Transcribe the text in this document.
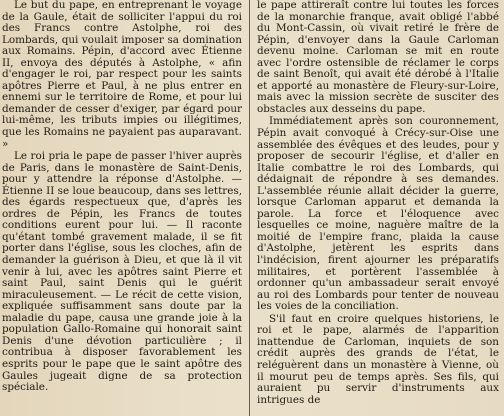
Le but du pape, en entreprenant le voyage de la Gaule, était de solliciter l'appui du roi des Francs contre Astolphe, roi des Lombards, qui voulait imposer sa domination aux Romains. Pépin, d'accord avec Étienne II, envoya des députés à Astolphe, « afin d'engager le roi, par respect pour les saints apôtres Pierre et Paul, à ne plus entrer en ennemi sur le territoire de Rome, et pour lui demander de cesser d'exiger, par égard pour lui-même, les tributs impies ou illégitimes, que les Romains ne payaient pas auparavant. »

Le roi pria le pape de passer l'hiver auprès de Paris, dans le monastère de Saint-Denis, pour y attendre la réponse d'Astolphe. — Étienne II se loue beaucoup, dans ses lettres, des égards respectueux que, d'après les ordres de Pépin, les Francs de toutes conditions eurent pour lui. — Il raconte qu'étant tombé gravement malade, il se fit porter dans l'église, sous les cloches, afin de demander la guérison à Dieu, et que là il vit venir à lui, avec les apôtres saint Pierre et saint Paul, saint Denis qui le guérit miraculeusement. — Le récit de cette vision, expliquée suffisamment sans doute par la maladie du pape, causa une grande joie à la population Gallo-Romaine qui honorait saint Denis d'une dévotion particulière ; il contribua à disposer favorablement les esprits pour le pape que le saint apôtre des Gaules jugeait digne de sa protection spéciale.

le pape attireraît contre lui toutes les forces de la monarchie franque, avait obligé l'abbé du Mont-Cassin, où vivait retiré le frère de Pépin, d'envoyer dans la Gaule Carloman devenu moine. Carloman se mit en route avec l'ordre ostensible de réclamer le corps de saint Benoît, qui avait été dérobé à l'Italie et apporté au monastère de Fleury-sur-Loire, mais avec la mission secrète de susciter des obstacles aux desseins du pape.

Immédiatement après son couronnement, Pépin avait convoqué à Crécy-sur-Oise une assemblée des évêques et des leudes, pour y proposer de secourir l'église, et d'aller en Italie combattre le roi des Lombards, qui dédaignait de répondre à ses demandes. L'assemblée réunie allait décider la guerre, lorsque Carloman apparut et demanda la parole. La force et l'éloquence avec lesquelles ce moine, naguère maître de la moitié de l'empire franc, plaida la cause d'Astolphe, jetèrent les esprits dans l'indécision, firent ajourner les préparatifs militaires, et portèrent l'assemblée à ordonner qu'un ambassadeur serait envoyé au roi des Lombards pour tenter de nouveau les voies de la conciliation.

S'il faut en croire quelques historiens, le roi et le pape, alarmés de l'apparition inattendue de Carloman, inquiets de son crédit auprès des grands de l'état, le reléguèrent dans un monastère à Vienne, où il mourut peu de temps après. Ses fils, qui auraient pu servir d'instruments aux intrigues de
